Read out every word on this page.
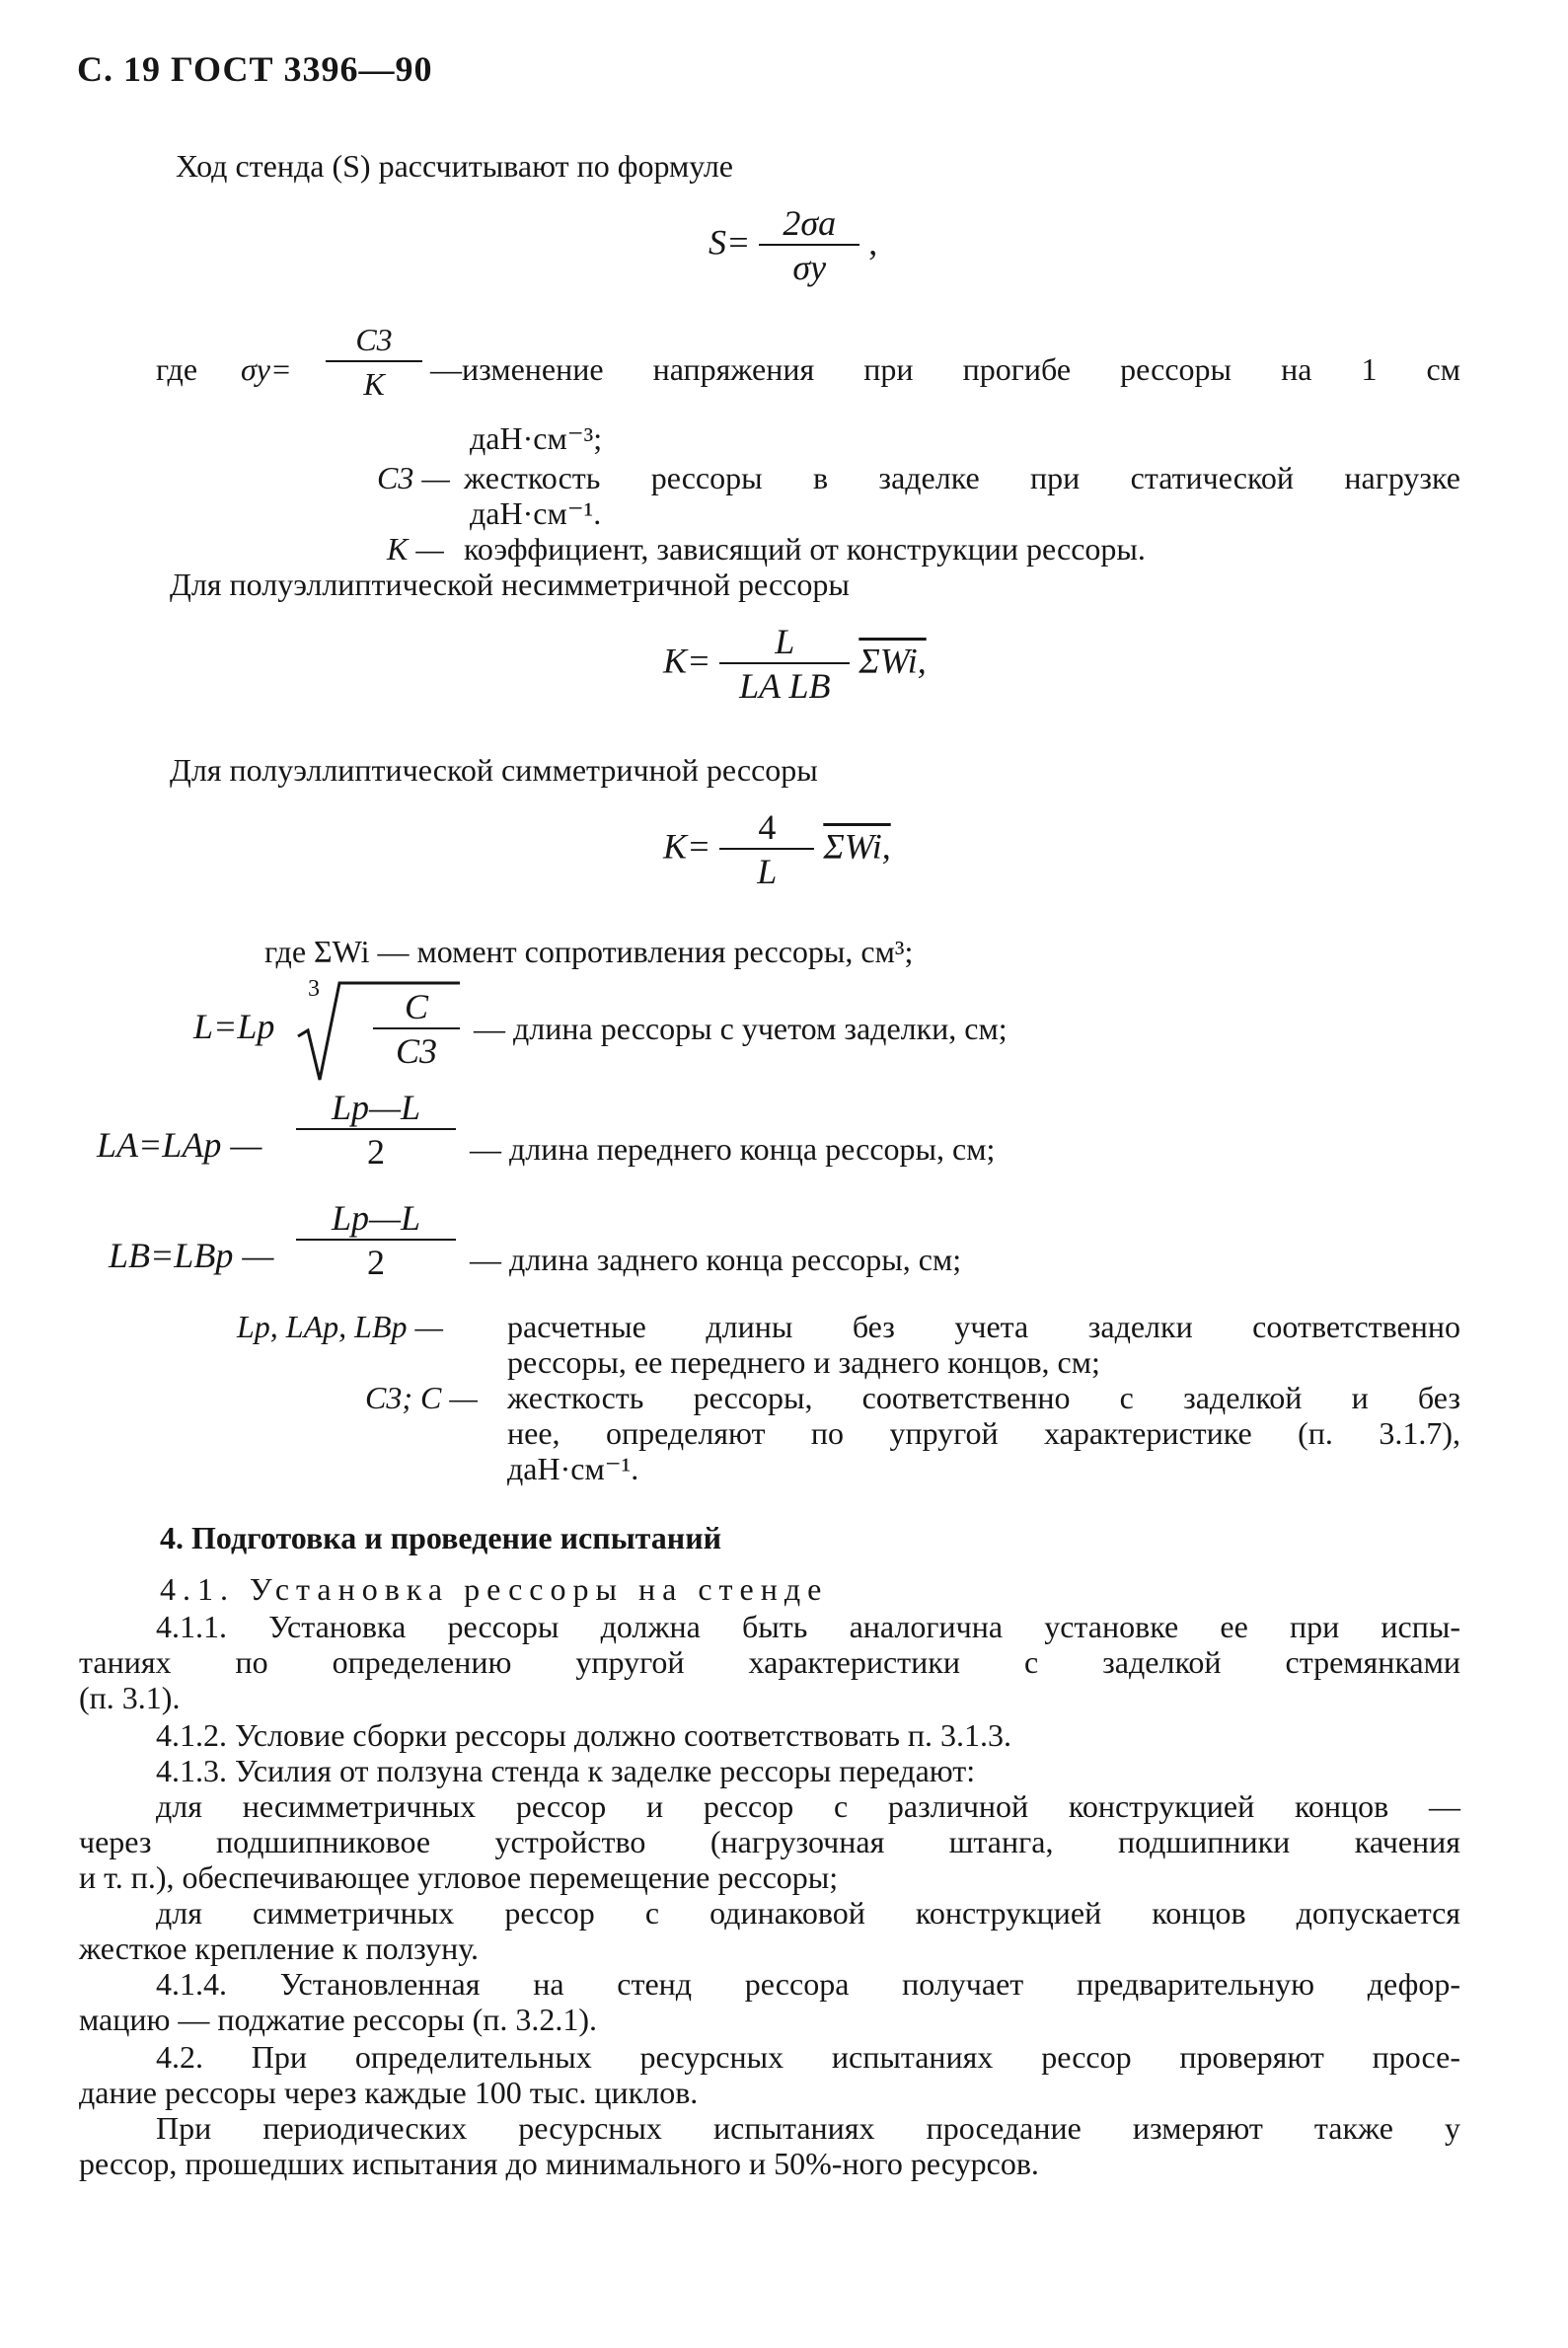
С. 19 ГОСТ 3396—90
Ход стенда (S) рассчитывают по формуле
$S= \frac{2\sigma a}{\sigma y}$ ,
где $\sigma y= \frac{C3}{K}$ —изменение напряжения при прогибе рессоры на 1 см
даН·см⁻³;
C3 — жесткость рессоры в заделке при статической нагрузке
даН·см⁻¹.
K — коэффициент, зависящий от конструкции рессоры.
Для полуэллиптической несимметричной рессоры
$K= \frac{L}{\text{LA LB}} \Sigma Wi$,
Для полуэллиптической симметричной рессоры
$K= \frac{4}{L} \Sigma Wi$,
где ΣWi — момент сопротивления рессоры, см³;
L=Lp
$3 \frac{C}{C3}$ — длина рессоры с учетом заделки, см;
LA=LAp — $\frac{Lp—L}{2}$ — длина переднего конца рессоры, см;
LB=LBp — $\frac{Lp—L}{2}$ — длина заднего конца рессоры, см;
Lр, LАр, LВр — расчетные длины без учета заделки соответственно
рессоры, ее переднего и заднего концов, см;
C3; C — жесткость рессоры, соответственно с заделкой и без
нее, определяют по упругой характеристике (п. 3.1.7),
даН·см⁻¹.
4. Подготовка и проведение испытаний
4.1. Установка рессоры на стенде
4.1.1. Установка рессоры должна быть аналогична установке ее при испы-
таниях по определению упругой характеристики с заделкой стремянками
(п. 3.1).
4.1.2. Условие сборки рессоры должно соответствовать п. 3.1.3.
4.1.3. Усилия от ползуна стенда к заделке рессоры передают:
для несимметричных рессор и рессор с различной конструкцией концов —
через подшипниковое устройство (нагрузочная штанга, подшипники качения
и т. п.), обеспечивающее угловое перемещение рессоры;
для симметричных рессор с одинаковой конструкцией концов допускается
жесткое крепление к ползуну.
4.1.4. Установленная на стенд рессора получает предварительную дефор-
мацию — поджатие рессоры (п. 3.2.1).
4.2. При определительных ресурсных испытаниях рессор проверяют просе-
дание рессоры через каждые 100 тыс. циклов.
При периодических ресурсных испытаниях проседание измеряют также у
рессор, прошедших испытания до минимального и 50%-ного ресурсов.
